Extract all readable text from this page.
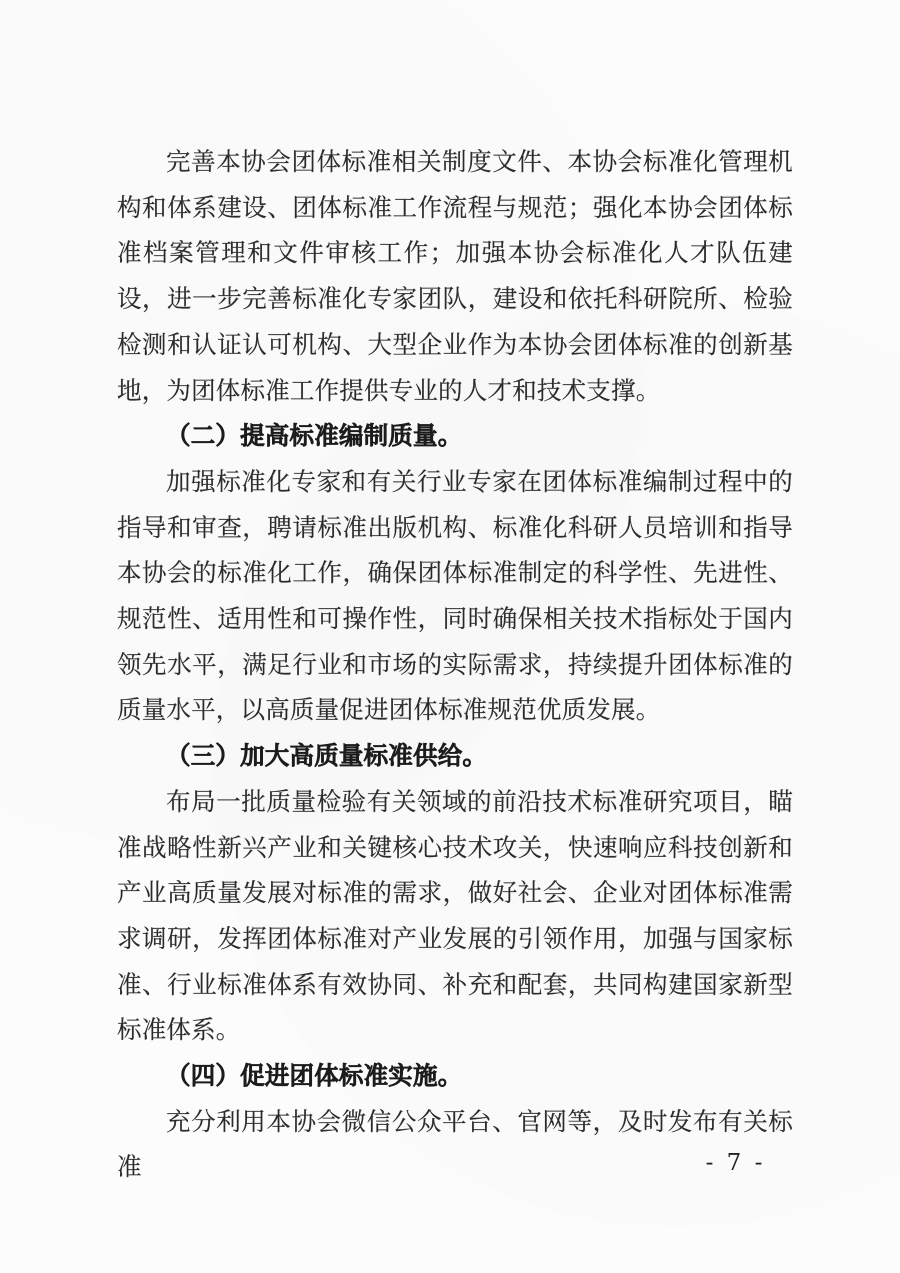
完善本协会团体标准相关制度文件、本协会标准化管理机构和体系建设、团体标准工作流程与规范；强化本协会团体标准档案管理和文件审核工作；加强本协会标准化人才队伍建设，进一步完善标准化专家团队，建设和依托科研院所、检验检测和认证认可机构、大型企业作为本协会团体标准的创新基地，为团体标准工作提供专业的人才和技术支撑。

（二）提高标准编制质量。

加强标准化专家和有关行业专家在团体标准编制过程中的指导和审查，聘请标准出版机构、标准化科研人员培训和指导本协会的标准化工作，确保团体标准制定的科学性、先进性、规范性、适用性和可操作性，同时确保相关技术指标处于国内领先水平，满足行业和市场的实际需求，持续提升团体标准的质量水平，以高质量促进团体标准规范优质发展。

（三）加大高质量标准供给。

布局一批质量检验有关领域的前沿技术标准研究项目，瞄准战略性新兴产业和关键核心技术攻关，快速响应科技创新和产业高质量发展对标准的需求，做好社会、企业对团体标准需求调研，发挥团体标准对产业发展的引领作用，加强与国家标准、行业标准体系有效协同、补充和配套，共同构建国家新型标准体系。

（四）促进团体标准实施。

充分利用本协会微信公众平台、官网等，及时发布有关标准	- 7 -
